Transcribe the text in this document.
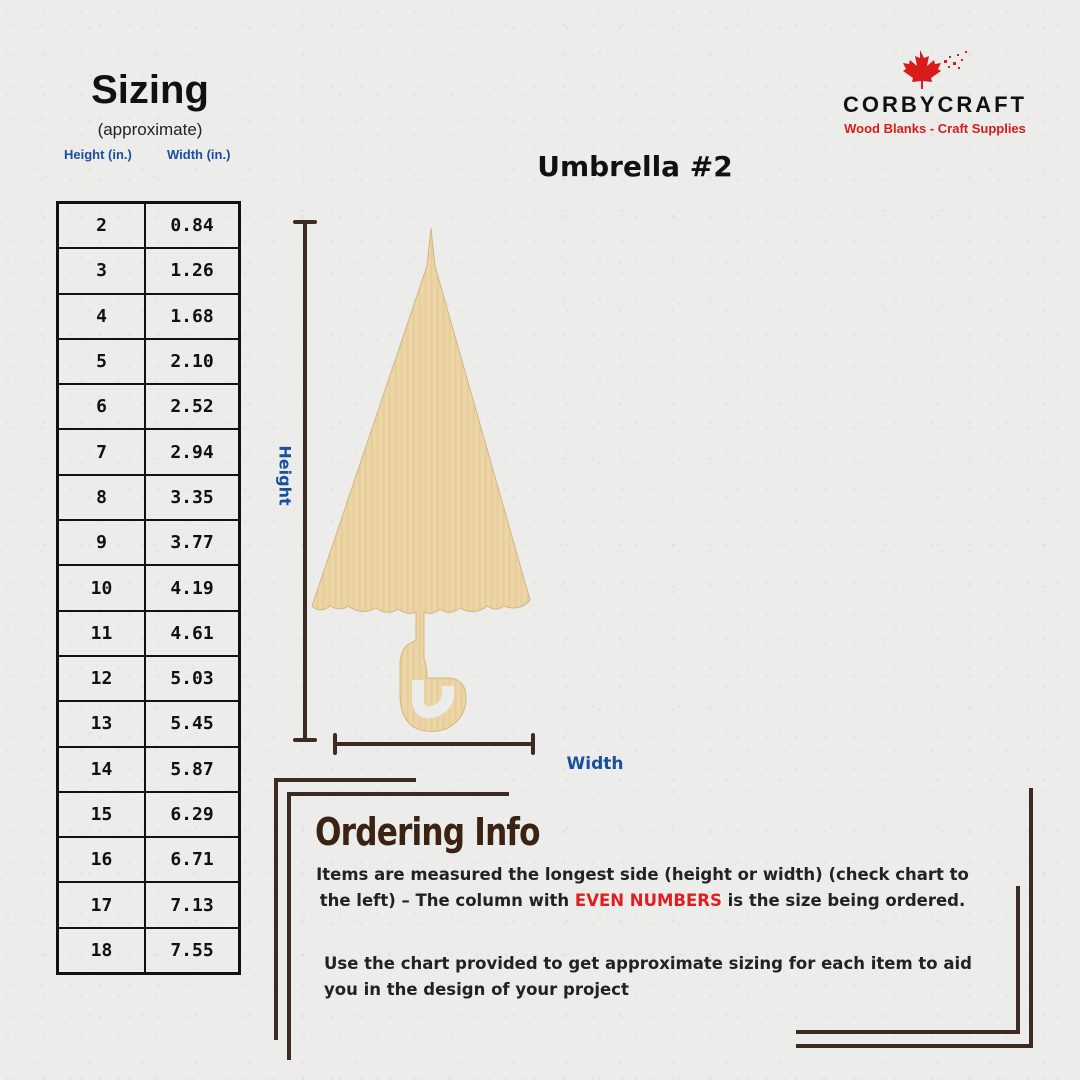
Sizing
(approximate)
Height (in.)	Width (in.)
2	0.84
3	1.26
4	1.68
5	2.10
6	2.52
7	2.94
8	3.35
9	3.77
10	4.19
11	4.61
12	5.03
13	5.45
14	5.87
15	6.29
16	6.71
17	7.13
18	7.55
CORBYCRAFT
Wood Blanks - Craft Supplies
Umbrella #2
Height
Width
Ordering Info
Items are measured the longest side (height or width) (check chart to the left) – The column with EVEN NUMBERS is the size being ordered.
Use the chart provided to get approximate sizing for each item to aid you in the design of your project
